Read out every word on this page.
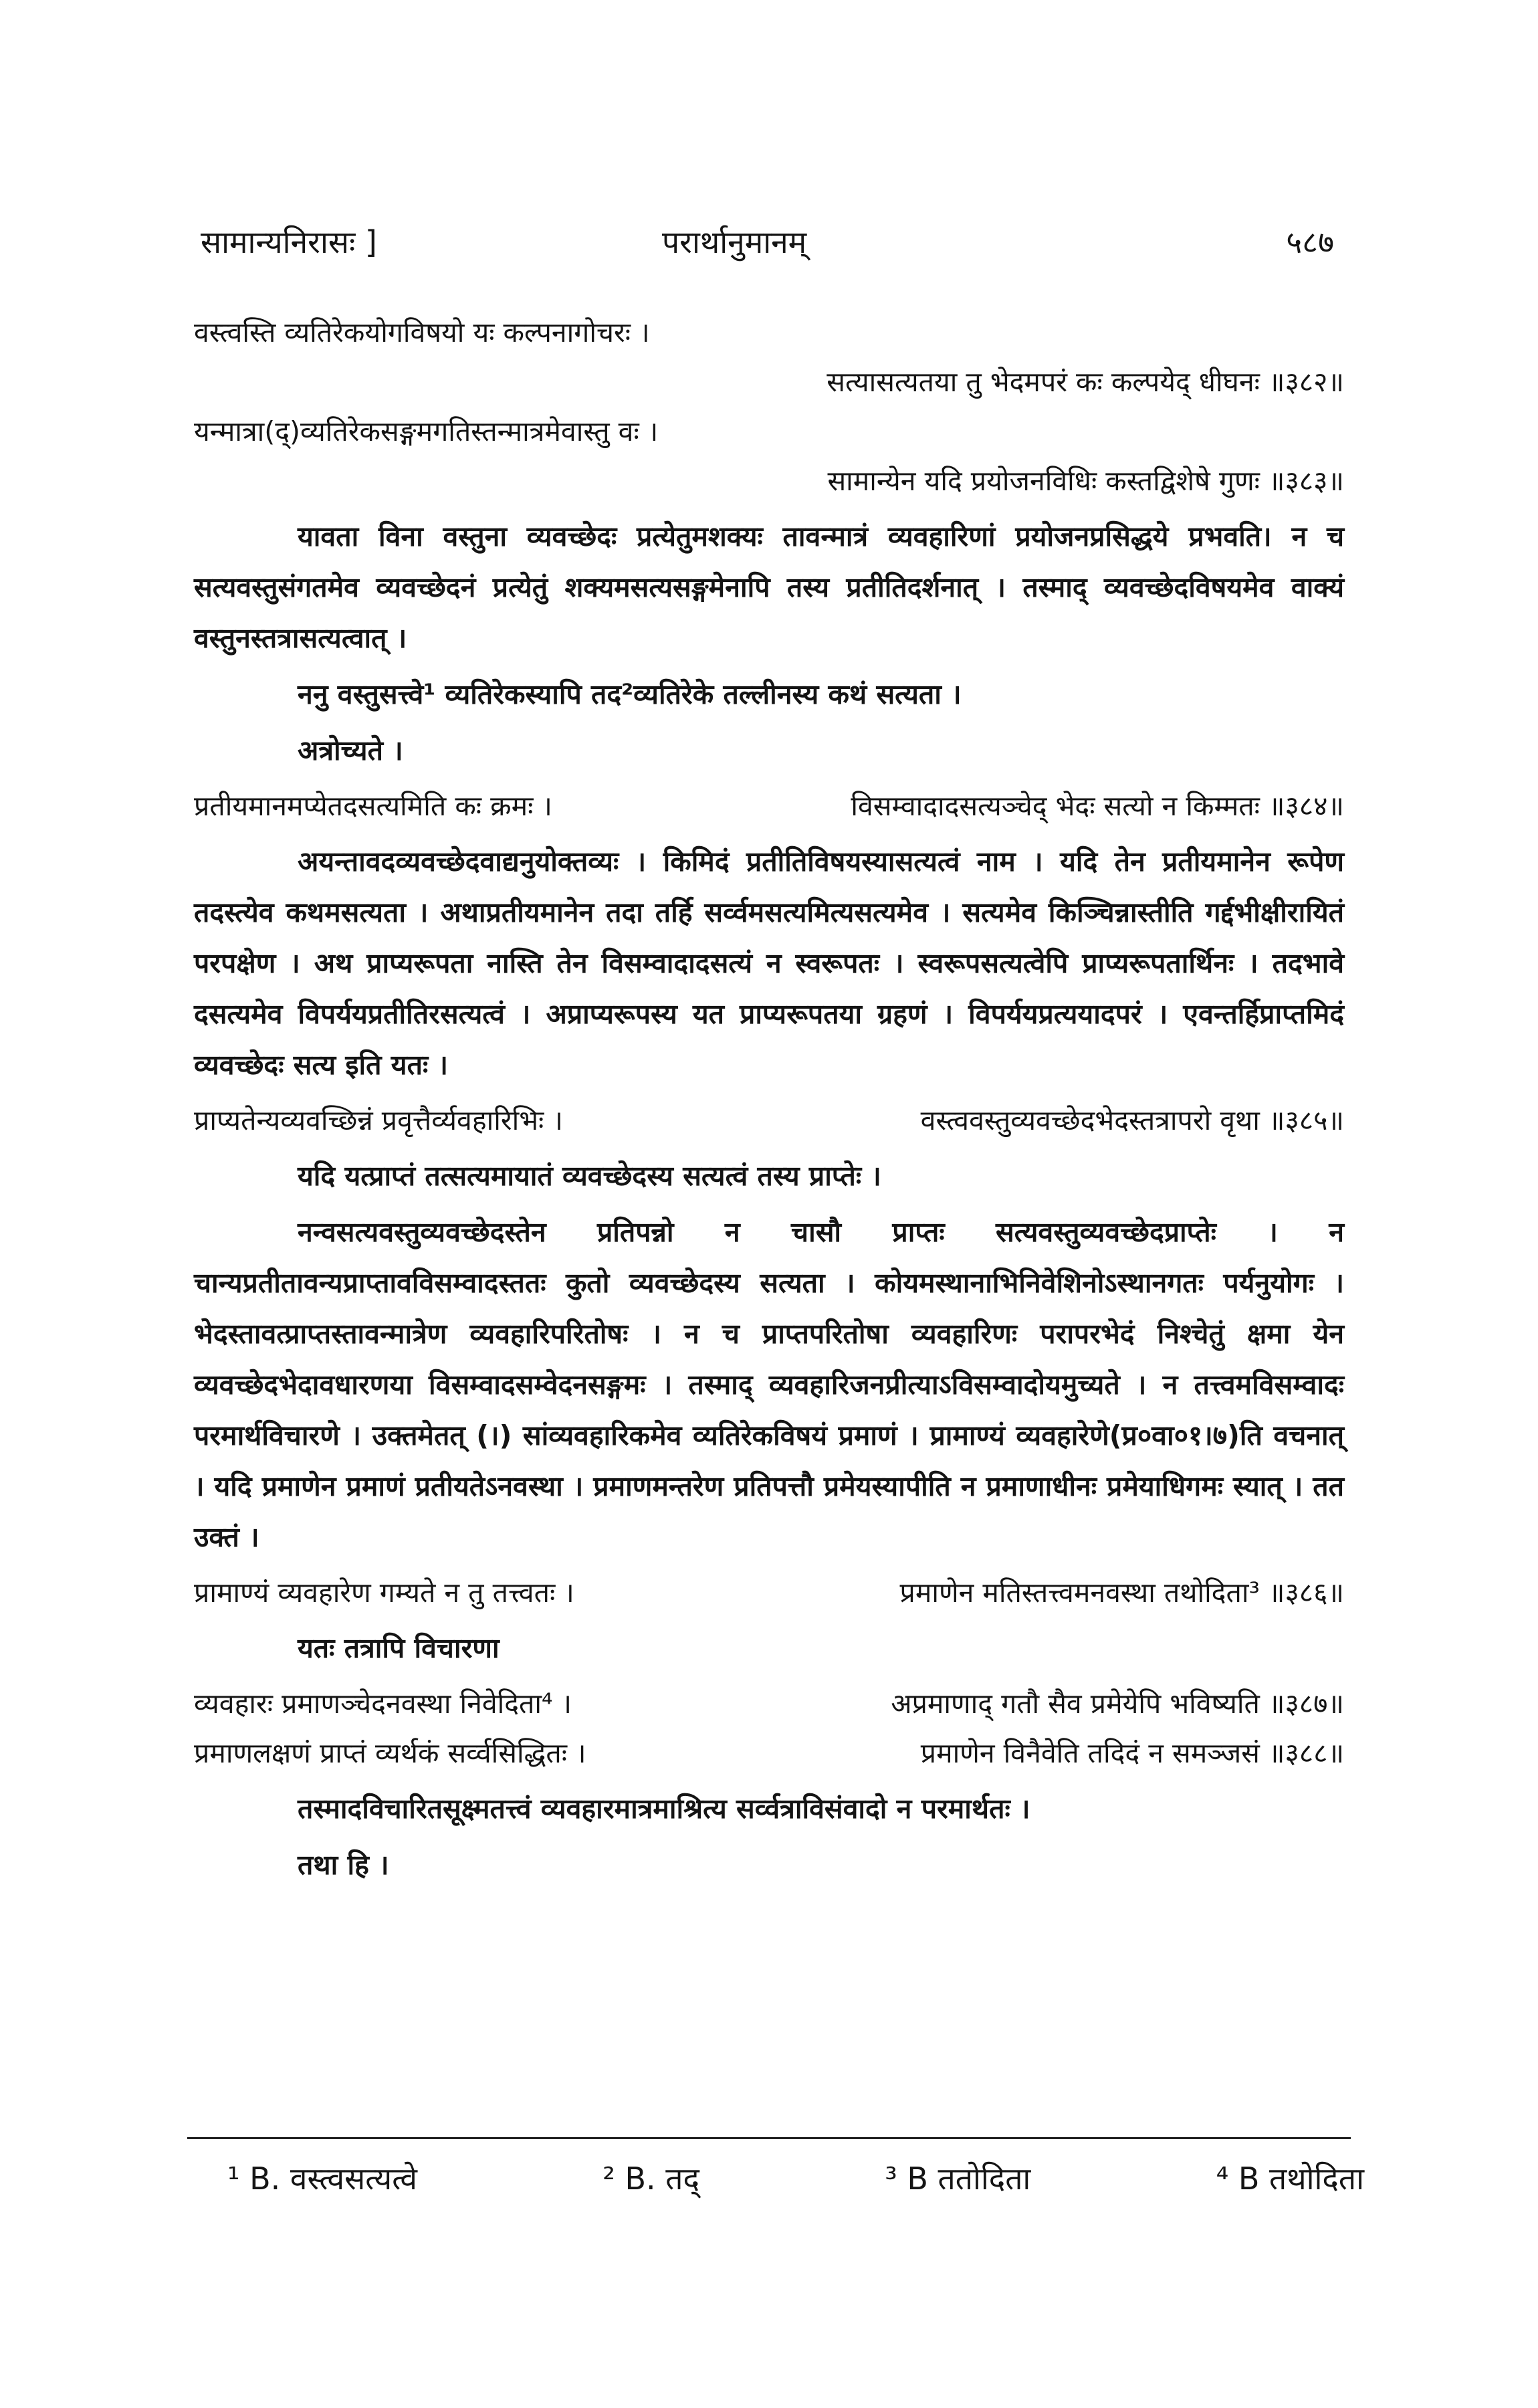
सामान्यनिरासः ]	परार्थानुमानम्	५८७
वस्त्वस्ति व्यतिरेकयोगविषयो यः कल्पनागोचरः ।
सत्यासत्यतया तु भेदमपरं कः कल्पयेद् धीघनः ॥३८२॥
यन्मात्रा(द्)व्यतिरेकसङ्गमगतिस्तन्मात्रमेवास्तु वः ।
सामान्येन यदि प्रयोजनविधिः कस्तद्विशेषे गुणः ॥३८३॥

यावता विना वस्तुना व्यवच्छेदः प्रत्येतुमशक्यः तावन्मात्रं व्यवहारिणां प्रयोजनप्रसिद्धये प्रभवति। न च सत्यवस्तुसंगतमेव व्यवच्छेदनं प्रत्येतुं शक्यमसत्यसङ्गमेनापि तस्य प्रतीतिदर्शनात् । तस्माद् व्यवच्छेदविषयमेव वाक्यं वस्तुनस्तत्रासत्यत्वात् ।

ननु वस्तुसत्त्वे¹ व्यतिरेकस्यापि तद²व्यतिरेके तल्लीनस्य कथं सत्यता ।

अत्रोच्यते ।

प्रतीयमानमप्येतदसत्यमिति कः क्रमः ।	विसम्वादादसत्यञ्चेद् भेदः सत्यो न किम्मतः ॥३८४॥

अयन्तावदव्यवच्छेदवाद्यनुयोक्तव्यः । किमिदं प्रतीतिविषयस्यासत्यत्वं नाम । यदि तेन प्रतीयमानेन रूपेण तदस्त्येव कथमसत्यता । अथाप्रतीयमानेन तदा तर्हि सर्व्वमसत्यमित्यसत्यमेव । सत्यमेव किञ्चिन्नास्तीति गर्द्दभीक्षीरायितं परपक्षेण । अथ प्राप्यरूपता नास्ति तेन विसम्वादादसत्यं न स्वरूपतः । स्वरूपसत्यत्वेपि प्राप्यरूपतार्थिनः । तदभावे दसत्यमेव विपर्ययप्रतीतिरसत्यत्वं । अप्राप्यरूपस्य यत प्राप्यरूपतया ग्रहणं । विपर्ययप्रत्ययादपरं । एवन्तर्हिप्राप्तमिदं व्यवच्छेदः सत्य इति यतः ।

प्राप्यतेन्यव्यवच्छिन्नं प्रवृत्तैर्व्यवहारिभिः ।	वस्त्ववस्तुव्यवच्छेदभेदस्तत्रापरो वृथा ॥३८५॥

यदि यत्प्राप्तं तत्सत्यमायातं व्यवच्छेदस्य सत्यत्वं तस्य प्राप्तेः ।

नन्वसत्यवस्तुव्यवच्छेदस्तेन प्रतिपन्नो न चासौ प्राप्तः सत्यवस्तुव्यवच्छेदप्राप्तेः । न चान्यप्रतीतावन्यप्राप्तावविसम्वादस्ततः कुतो व्यवच्छेदस्य सत्यता । कोयमस्थानाभिनिवेशिनोऽस्थानगतः पर्यनुयोगः । भेदस्तावत्प्राप्तस्तावन्मात्रेण व्यवहारिपरितोषः । न च प्राप्तपरितोषा व्यवहारिणः परापरभेदं निश्चेतुं क्षमा येन व्यवच्छेदभेदावधारणया विसम्वादसम्वेदनसङ्गमः । तस्माद् व्यवहारिजनप्रीत्याऽविसम्वादोयमुच्यते । न तत्त्वमविसम्वादः परमार्थविचारणे । उक्तमेतत् (।) सांव्यवहारिकमेव व्यतिरेकविषयं प्रमाणं । प्रामाण्यं व्यवहारेणे(प्र०वा०१।७)ति वचनात् । यदि प्रमाणेन प्रमाणं प्रतीयतेऽनवस्था । प्रमाणमन्तरेण प्रतिपत्तौ प्रमेयस्यापीति न प्रमाणाधीनः प्रमेयाधिगमः स्यात् । तत उक्तं ।

प्रामाण्यं व्यवहारेण गम्यते न तु तत्त्वतः ।	प्रमाणेन मतिस्तत्त्वमनवस्था तथोदिता³ ॥३८६॥

यतः तत्रापि विचारणा

व्यवहारः प्रमाणञ्चेदनवस्था निवेदिता⁴ ।	अप्रमाणाद् गतौ सैव प्रमेयेपि भविष्यति ॥३८७॥
प्रमाणलक्षणं प्राप्तं व्यर्थकं सर्व्वसिद्धितः ।	प्रमाणेन विनैवेति तदिदं न समञ्जसं ॥३८८॥

तस्मादविचारितसूक्ष्मतत्त्वं व्यवहारमात्रमाश्रित्य सर्व्वत्राविसंवादो न परमार्थतः ।

तथा हि ।

¹ B. वस्त्वसत्यत्वे	² B. तद्	³ B ततोदिता	⁴ B तथोदिता
